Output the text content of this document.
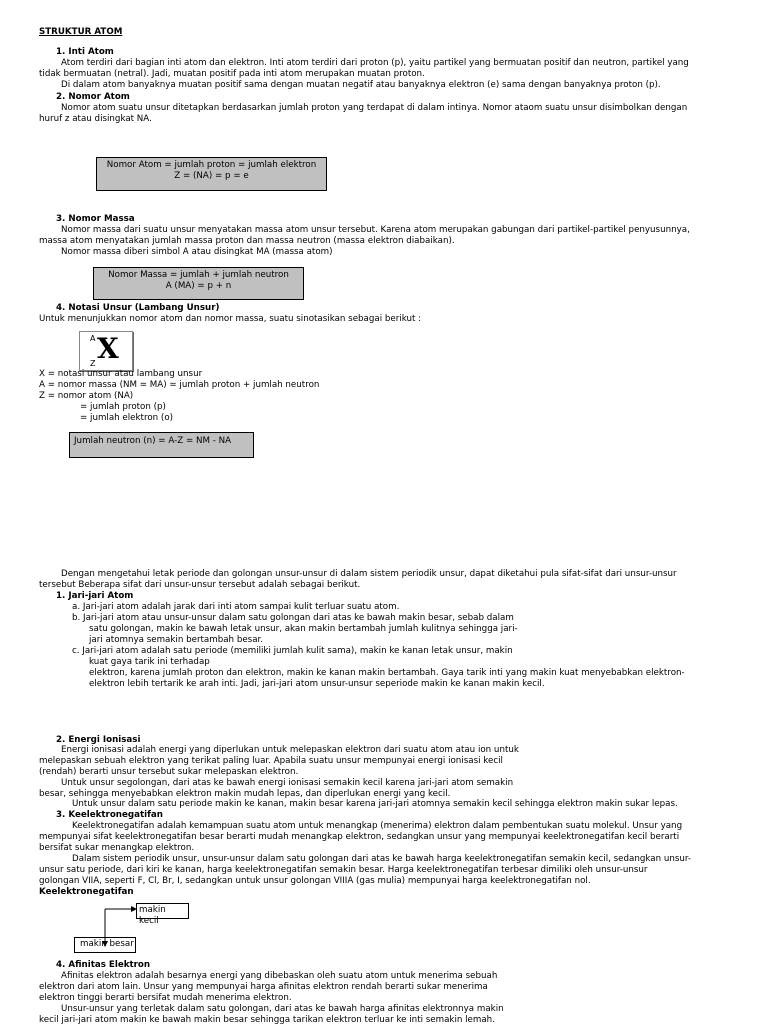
STRUKTUR ATOM
1. Inti Atom
Atom terdiri dari bagian inti atom dan elektron. Inti atom terdiri dari proton (p), yaitu partikel yang bermuatan positif dan neutron, partikel yang
tidak bermuatan (netral). Jadi, muatan positif pada inti atom merupakan muatan proton.
Di dalam atom banyaknya muatan positif sama dengan muatan negatif atau banyaknya elektron (e) sama dengan banyaknya proton (p).
2. Nomor Atom
Nomor atom suatu unsur ditetapkan berdasarkan jumlah proton yang terdapat di dalam intinya. Nomor ataom suatu unsur disimbolkan dengan
huruf z atau disingkat NA.
Nomor Atom = jumlah proton = jumlah elektron
Z = (NA) = p = e
3. Nomor Massa
Nomor massa dari suatu unsur menyatakan massa atom unsur tersebut. Karena atom merupakan gabungan dari partikel-partikel penyusunnya,
massa atom menyatakan jumlah massa proton dan massa neutron (massa elektron diabaikan).
Nomor massa diberi simbol A atau disingkat MA (massa atom)
Nomor Massa = jumlah + jumlah neutron
A (MA) = p + n
4. Notasi Unsur (Lambang Unsur)
Untuk menunjukkan nomor atom dan nomor massa, suatu sinotasikan sebagai berikut :
A X
Z
X = notasi unsur atau lambang unsur
A = nomor massa (NM = MA) = jumlah proton + jumlah neutron
Z = nomor atom (NA)
= jumlah proton (p)
= jumlah elektron (o)
Jumlah neutron (n) = A-Z = NM - NA
Dengan mengetahui letak periode dan golongan unsur-unsur di dalam sistem periodik unsur, dapat diketahui pula sifat-sifat dari unsur-unsur
tersebut Beberapa sifat dari unsur-unsur tersebut adalah sebagai berikut.
1. Jari-jari Atom
a. Jari-jari atom adalah jarak dari inti atom sampai kulit terluar suatu atom.
b. Jari-jari atom atau unsur-unsur dalam satu golongan dari atas ke bawah makin besar, sebab dalam
satu golongan, makin ke bawah letak unsur, akan makin bertambah jumlah kulitnya sehingga jari-
jari atomnya semakin bertambah besar.
c. Jari-jari atom adalah satu periode (memiliki jumlah kulit sama), makin ke kanan letak unsur, makin
kuat gaya tarik ini terhadap
elektron, karena jumlah proton dan elektron, makin ke kanan makin bertambah. Gaya tarik inti yang makin kuat menyebabkan elektron-
elektron lebih tertarik ke arah inti. Jadi, jari-jari atom unsur-unsur seperiode makin ke kanan makin kecil.
2. Energi Ionisasi
Energi ionisasi adalah energi yang diperlukan untuk melepaskan elektron dari suatu atom atau ion untuk
melepaskan sebuah elektron yang terikat paling luar. Apabila suatu unsur mempunyai energi ionisasi kecil
(rendah) berarti unsur tersebut sukar melepaskan elektron.
Untuk unsur segolongan, dari atas ke bawah energi ionisasi semakin kecil karena jari-jari atom semakin
besar, sehingga menyebabkan elektron makin mudah lepas, dan diperlukan energi yang kecil.
Untuk unsur dalam satu periode makin ke kanan, makin besar karena jari-jari atomnya semakin kecil sehingga elektron makin sukar lepas.
3. Keelektronegatifan
Keelektronegatifan adalah kemampuan suatu atom untuk menangkap (menerima) elektron dalam pembentukan suatu molekul. Unsur yang
mempunyai sifat keelektronegatifan besar berarti mudah menangkap elektron, sedangkan unsur yang mempunyai keelektronegatifan kecil berarti
bersifat sukar menangkap elektron.
Dalam sistem periodik unsur, unsur-unsur dalam satu golongan dari atas ke bawah harga keelektronegatifan semakin kecil, sedangkan unsur-
unsur satu periode, dari kiri ke kanan, harga keelektronegatifan semakin besar. Harga keelektronegatifan terbesar dimiliki oleh unsur-unsur
golongan VIIA, seperti F, Cl, Br, I, sedangkan untuk unsur golongan VIIIA (gas mulia) mempunyai harga keelektronegatifan nol.
Keelektronegatifan
makin kecil
makin besar
4. Afinitas Elektron
Afinitas elektron adalah besarnya energi yang dibebaskan oleh suatu atom untuk menerima sebuah
elektron dari atom lain. Unsur yang mempunyai harga afinitas elektron rendah berarti sukar menerima
elektron tinggi berarti bersifat mudah menerima elektron.
Unsur-unsur yang terletak dalam satu golongan, dari atas ke bawah harga afinitas elektronnya makin
kecil jari-jari atom makin ke bawah makin besar sehingga tarikan elektron terluar ke inti semakin lemah.
